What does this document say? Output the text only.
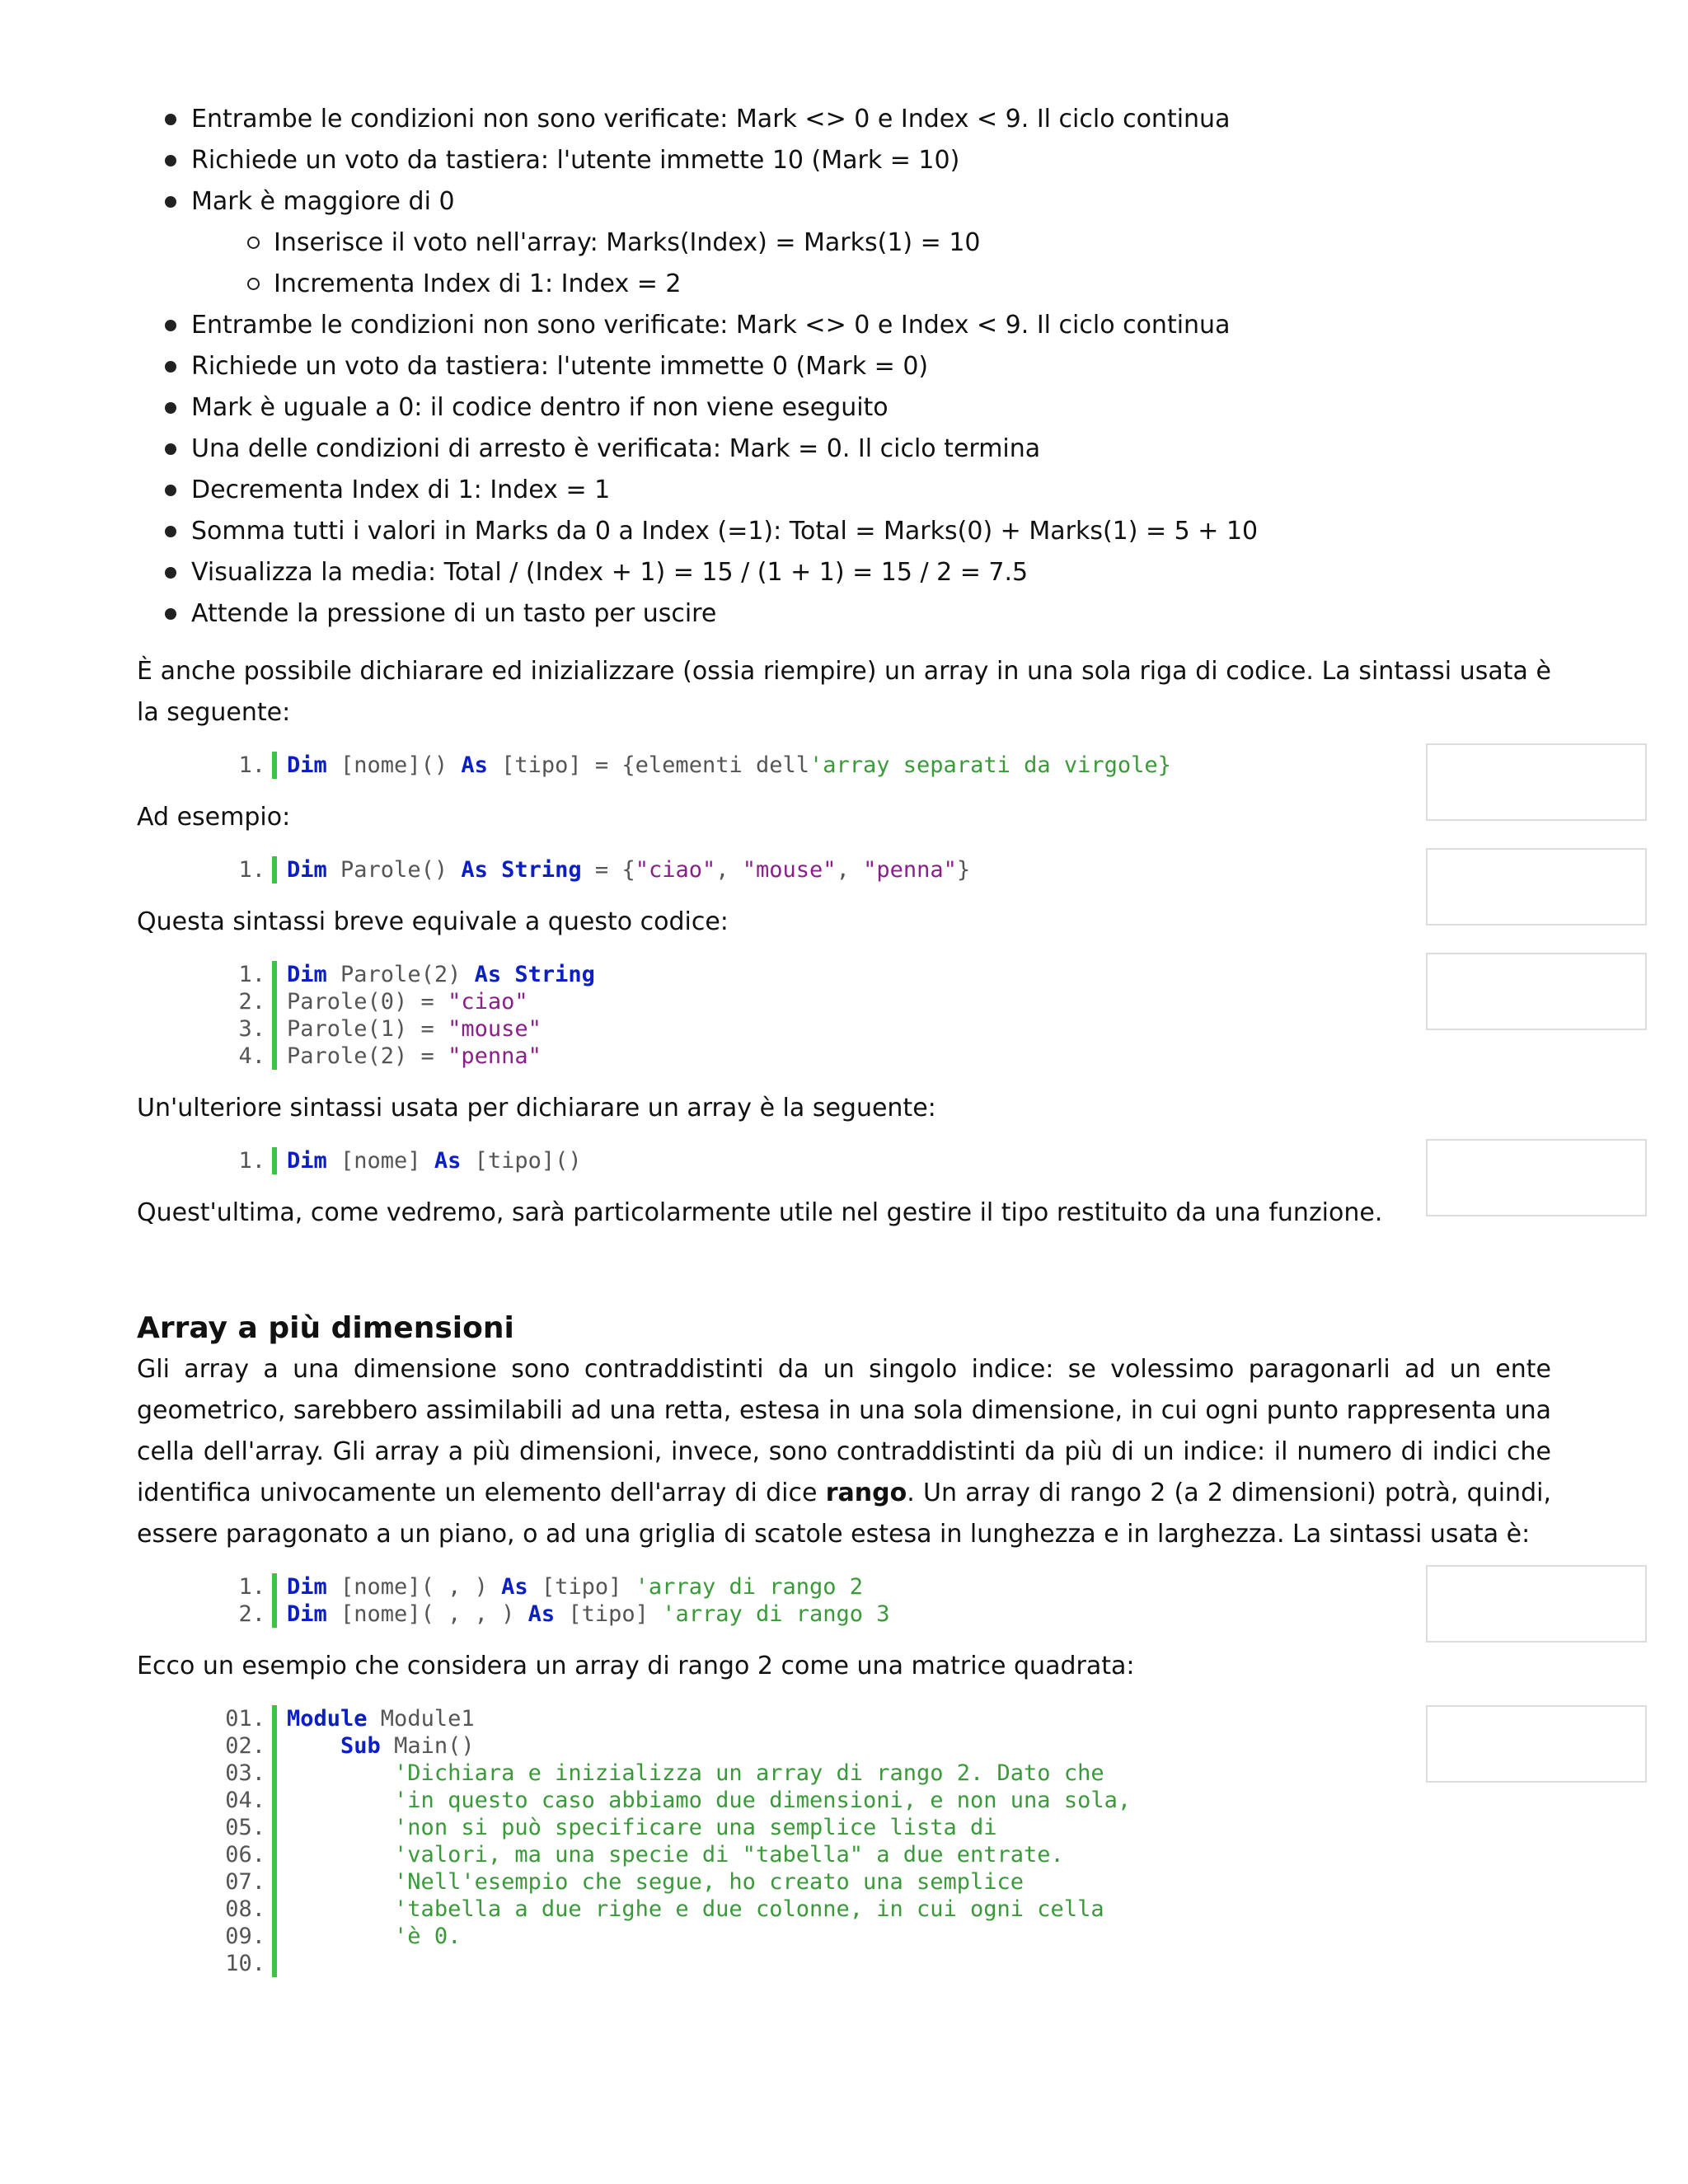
Entrambe le condizioni non sono verificate: Mark <> 0 e Index < 9. Il ciclo continua
Richiede un voto da tastiera: l'utente immette 10 (Mark = 10)
Mark è maggiore di 0
Inserisce il voto nell'array: Marks(Index) = Marks(1) = 10
Incrementa Index di 1: Index = 2
Entrambe le condizioni non sono verificate: Mark <> 0 e Index < 9. Il ciclo continua
Richiede un voto da tastiera: l'utente immette 0 (Mark = 0)
Mark è uguale a 0: il codice dentro if non viene eseguito
Una delle condizioni di arresto è verificata: Mark = 0. Il ciclo termina
Decrementa Index di 1: Index = 1
Somma tutti i valori in Marks da 0 a Index (=1): Total = Marks(0) + Marks(1) = 5 + 10
Visualizza la media: Total / (Index + 1) = 15 / (1 + 1) = 15 / 2 = 7.5
Attende la pressione di un tasto per uscire

È anche possibile dichiarare ed inizializzare (ossia riempire) un array in una sola riga di codice. La sintassi usata è la seguente:

1. Dim [nome]() As [tipo] = {elementi dell'array separati da virgole}

Ad esempio:

1. Dim Parole() As String = {"ciao", "mouse", "penna"}

Questa sintassi breve equivale a questo codice:

1. Dim Parole(2) As String
2. Parole(0) = "ciao"
3. Parole(1) = "mouse"
4. Parole(2) = "penna"

Un'ulteriore sintassi usata per dichiarare un array è la seguente:

1. Dim [nome] As [tipo]()

Quest'ultima, come vedremo, sarà particolarmente utile nel gestire il tipo restituito da una funzione.

Array a più dimensioni

Gli array a una dimensione sono contraddistinti da un singolo indice: se volessimo paragonarli ad un ente geometrico, sarebbero assimilabili ad una retta, estesa in una sola dimensione, in cui ogni punto rappresenta una cella dell'array. Gli array a più dimensioni, invece, sono contraddistinti da più di un indice: il numero di indici che identifica univocamente un elemento dell'array di dice rango. Un array di rango 2 (a 2 dimensioni) potrà, quindi, essere paragonato a un piano, o ad una griglia di scatole estesa in lunghezza e in larghezza. La sintassi usata è:

1. Dim [nome]( , ) As [tipo] 'array di rango 2
2. Dim [nome]( , , ) As [tipo] 'array di rango 3

Ecco un esempio che considera un array di rango 2 come una matrice quadrata:

01. Module Module1
02.	Sub Main()
03.	'Dichiara e inizializza un array di rango 2. Dato che
04.	'in questo caso abbiamo due dimensioni, e non una sola,
05.	'non si può specificare una semplice lista di
06.	'valori, ma una specie di "tabella" a due entrate.
07.	'Nell'esempio che segue, ho creato una semplice
08.	'tabella a due righe e due colonne, in cui ogni cella
09.	'è 0.
10.
